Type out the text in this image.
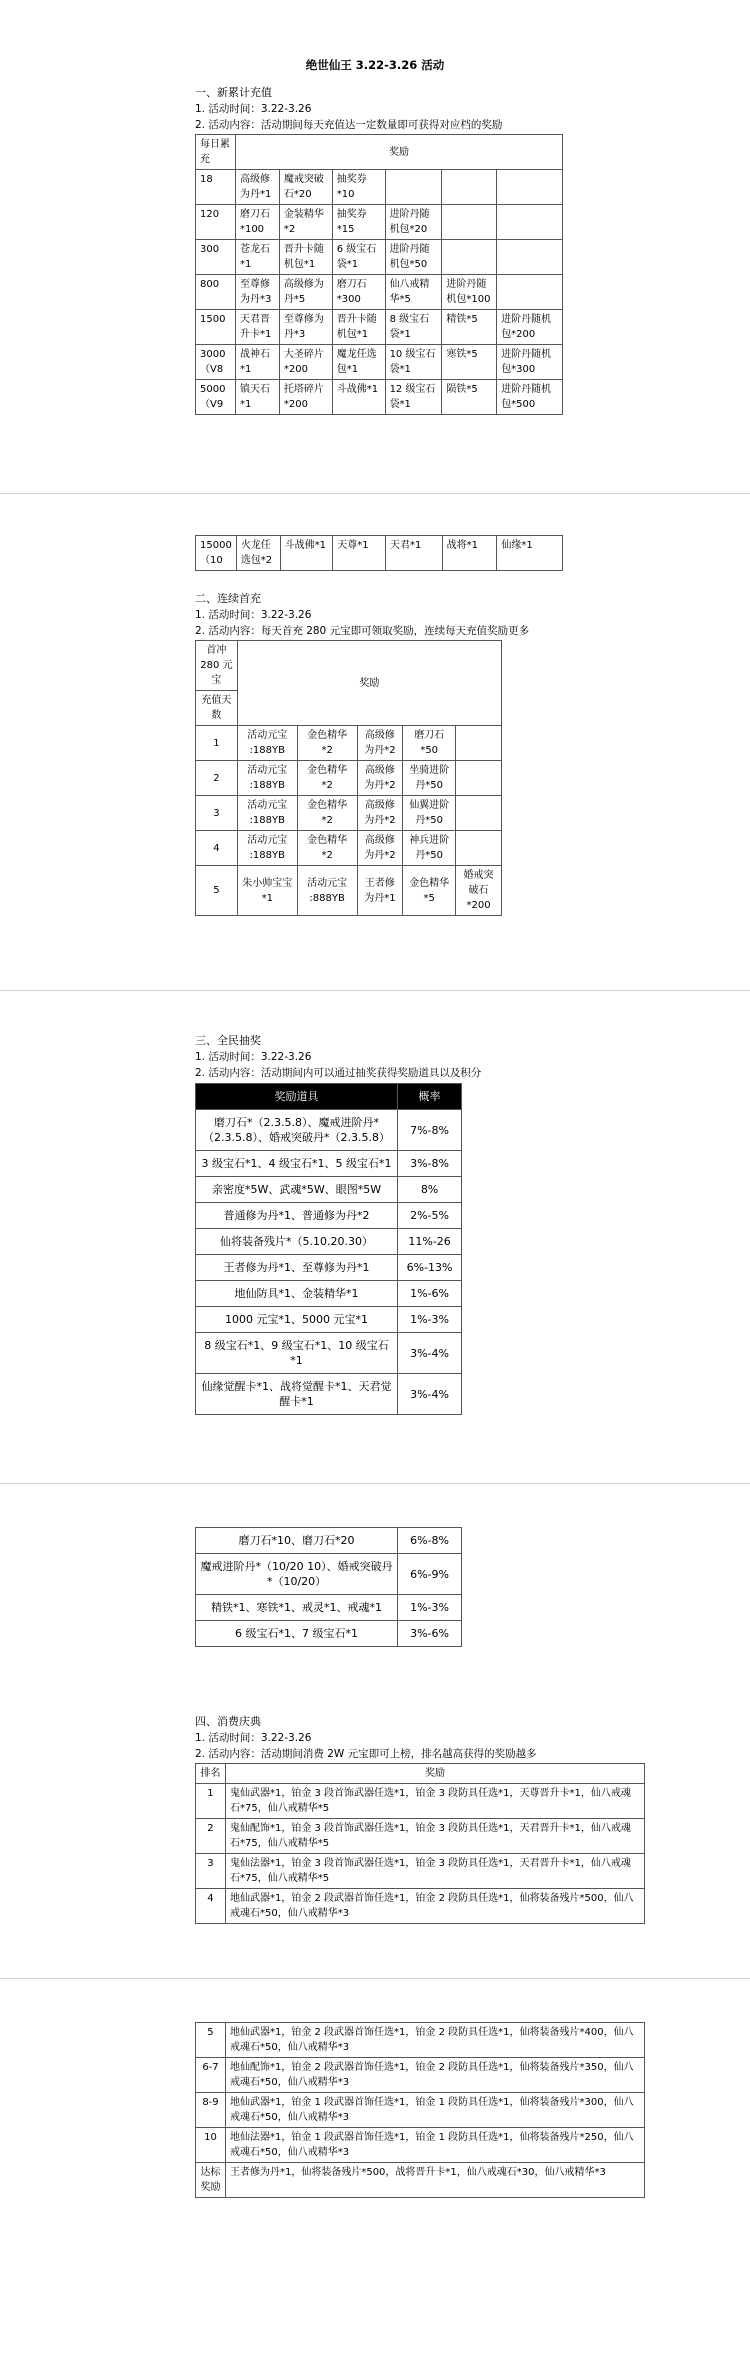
绝世仙王 3.22-3.26 活动
一、新累计充值
1. 活动时间：3.22-3.26
2. 活动内容：活动期间每天充值达一定数量即可获得对应档的奖励
每日累充	奖励					
18	高级修为丹*1	魔戒突破石*20	抽奖券*10			
120	磨刀石*100	金装精华*2	抽奖券*15	进阶丹随机包*20		
300	苍龙石*1	晋升卡随机包*1	6 级宝石袋*1	进阶丹随机包*50		
800	至尊修为丹*3	高级修为丹*5	磨刀石*300	仙八戒精华*5	进阶丹随机包*100	
1500	天君晋升卡*1	至尊修为丹*3	晋升卡随机包*1	8 级宝石袋*1	精铁*5	进阶丹随机包*200
3000（V8	战神石*1	大圣碎片*200	魔龙任选包*1	10 级宝石袋*1	寒铁*5	进阶丹随机包*300
5000（V9	镇天石*1	托塔碎片*200	斗战佛*1	12 级宝石袋*1	陨铁*5	进阶丹随机包*500
15000（10	火龙任选包*2	斗战佛*1	天尊*1	天君*1	战将*1	仙缘*1
二、连续首充
1. 活动时间：3.22-3.26
2. 活动内容：每天首充 280 元宝即可领取奖励，连续每天充值奖励更多
首冲 280 元宝	奖励				
充值天数					
1	活动元宝 :188YB	金色精华*2	高级修为丹*2	磨刀石*50	
2	活动元宝 :188YB	金色精华*2	高级修为丹*2	坐骑进阶丹*50	
3	活动元宝 :188YB	金色精华*2	高级修为丹*2	仙翼进阶丹*50	
4	活动元宝 :188YB	金色精华*2	高级修为丹*2	神兵进阶丹*50	
5	朱小帅宝宝*1	活动元宝 :888YB	王者修为丹*1	金色精华*5	婚戒突破石*200
三、全民抽奖
1. 活动时间：3.22-3.26
2. 活动内容：活动期间内可以通过抽奖获得奖励道具以及积分
奖励道具	概率
磨刀石*（2.3.5.8）、魔戒进阶丹*（2.3.5.8）、婚戒突破丹*（2.3.5.8）	7%-8%
3 级宝石*1、4 级宝石*1、5 级宝石*1	3%-8%
亲密度*5W、武魂*5W、眼图*5W	8%
普通修为丹*1、普通修为丹*2	2%-5%
仙将装备残片*（5.10.20.30）	11%-26
王者修为丹*1、至尊修为丹*1	6%-13%
地仙防具*1、金装精华*1	1%-6%
1000 元宝*1、5000 元宝*1	1%-3%
8 级宝石*1、9 级宝石*1、10 级宝石*1	3%-4%
仙缘觉醒卡*1、战将觉醒卡*1、天君觉醒卡*1	3%-4%
磨刀石*10、磨刀石*20	6%-8%
魔戒进阶丹*（10/20 10）、婚戒突破丹*（10/20）	6%-9%
精铁*1、寒铁*1、戒灵*1、戒魂*1	1%-3%
6 级宝石*1、7 级宝石*1	3%-6%
四、消费庆典
1. 活动时间：3.22-3.26
2. 活动内容：活动期间消费 2W 元宝即可上榜，排名越高获得的奖励越多
排名	奖励
1	鬼仙武器*1，铂金 3 段首饰武器任选*1，铂金 3 段防具任选*1，天尊晋升卡*1，仙八戒魂石*75，仙八戒精华*5
2	鬼仙配饰*1，铂金 3 段首饰武器任选*1，铂金 3 段防具任选*1，天君晋升卡*1，仙八戒魂石*75，仙八戒精华*5
3	鬼仙法器*1，铂金 3 段首饰武器任选*1，铂金 3 段防具任选*1，天君晋升卡*1，仙八戒魂石*75，仙八戒精华*5
4	地仙武器*1，铂金 2 段武器首饰任选*1，铂金 2 段防具任选*1，仙将装备残片*500，仙八戒魂石*50，仙八戒精华*3
5	地仙武器*1，铂金 2 段武器首饰任选*1，铂金 2 段防具任选*1，仙将装备残片*400，仙八戒魂石*50，仙八戒精华*3
6-7	地仙配饰*1，铂金 2 段武器首饰任选*1，铂金 2 段防具任选*1，仙将装备残片*350，仙八戒魂石*50，仙八戒精华*3
8-9	地仙武器*1，铂金 1 段武器首饰任选*1，铂金 1 段防具任选*1，仙将装备残片*300，仙八戒魂石*50，仙八戒精华*3
10	地仙法器*1，铂金 1 段武器首饰任选*1，铂金 1 段防具任选*1，仙将装备残片*250，仙八戒魂石*50，仙八戒精华*3
达标奖励	王者修为丹*1，仙将装备残片*500，战将晋升卡*1，仙八戒魂石*30，仙八戒精华*3
